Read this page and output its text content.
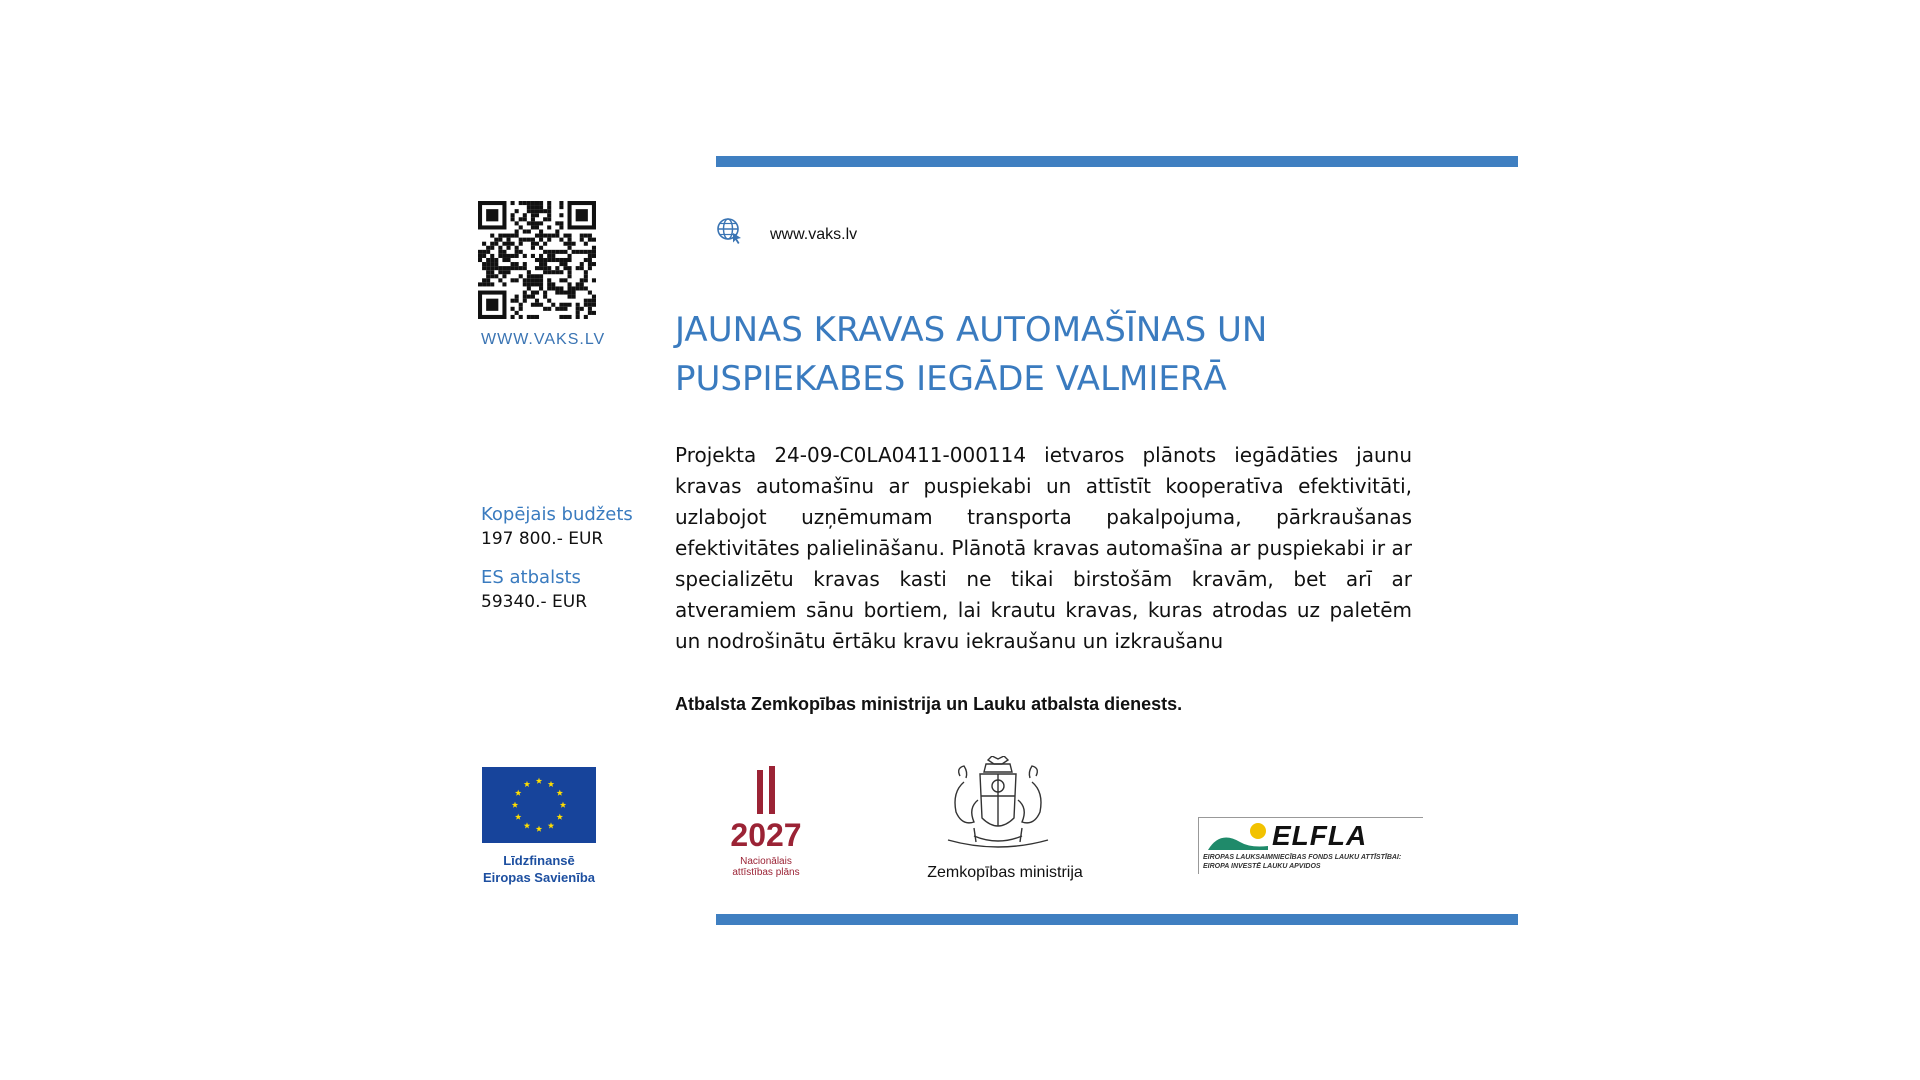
WWW.VAKS.LV
www.vaks.lv
JAUNAS KRAVAS AUTOMAŠĪNAS UN
PUSPIEKABES IEGĀDE VALMIERĀ

Projekta 24-09-C0LA0411-000114 ietvaros plānots iegādāties jaunu kravas automašīnu ar puspiekabi un attīstīt kooperatīva efektivitāti, uzlabojot uzņēmumam transporta pakalpojuma, pārkraušanas efektivitātes palielināšanu. Plānotā kravas automašīna ar puspiekabi ir ar specializētu kravas kasti ne tikai birstošām kravām, bet arī ar atveramiem sānu bortiem, lai krautu kravas, kuras atrodas uz paletēm un nodrošinātu ērtāku kravu iekraušanu un izkraušanu

Atbalsta Zemkopības ministrija un Lauku atbalsta dienests.
Kopējais budžets
197 800.- EUR
ES atbalsts
59340.- EUR
Līdzfinansē
Eiropas Savienība
2027
Nacionālais
attīstības plāns	Zemkopības ministrija
ELFLA
EIROPAS LAUKSAIMNIECĪBAS FONDS LAUKU ATTĪSTĪBAI:
EIROPA INVESTĒ LAUKU APVIDOS
